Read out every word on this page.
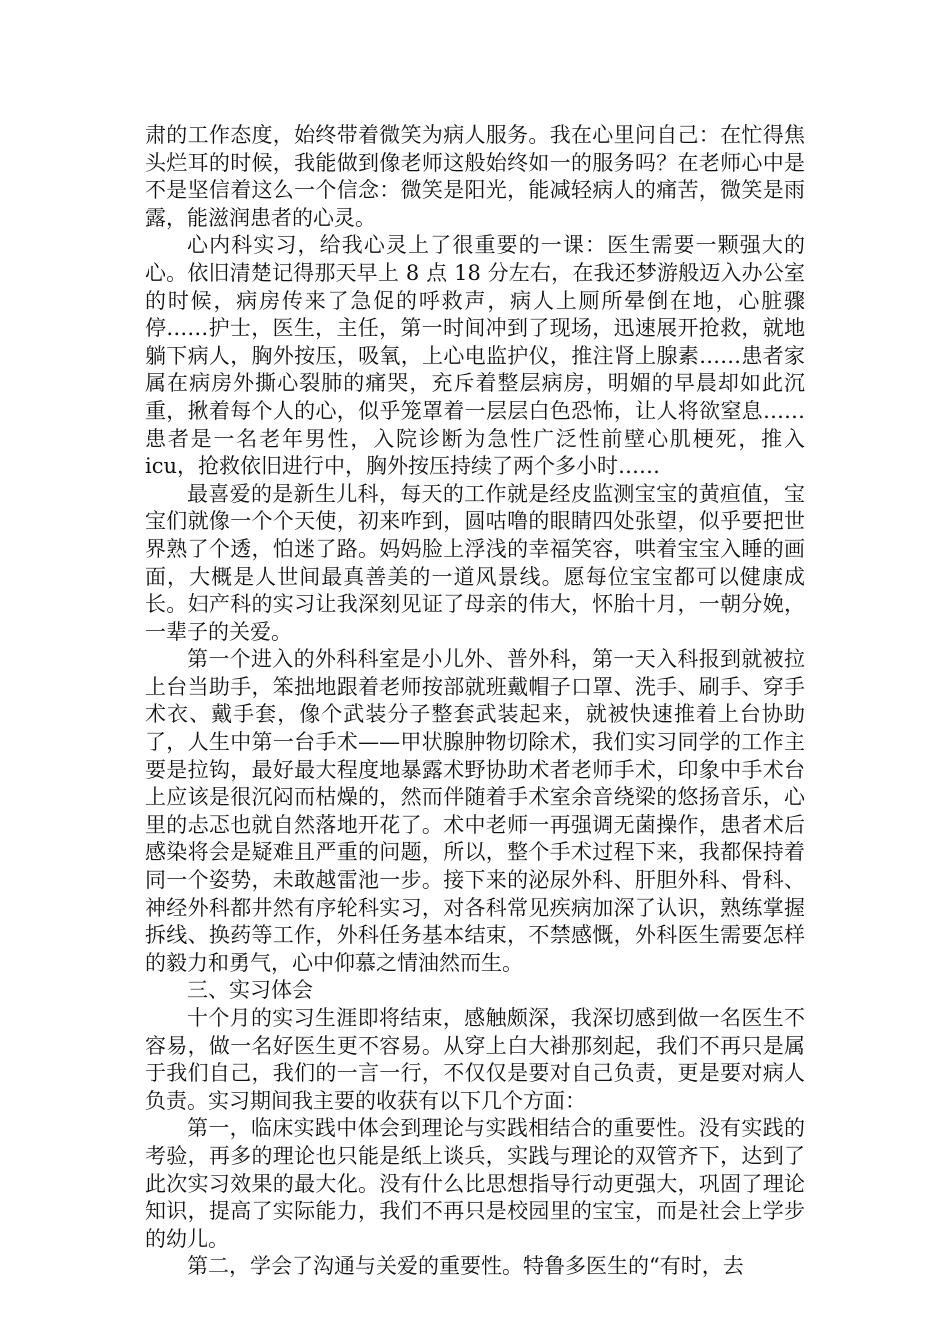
肃的工作态度，始终带着微笑为病人服务。我在心里问自己：在忙得焦头烂耳的时候，我能做到像老师这般始终如一的服务吗？在老师心中是不是坚信着这么一个信念：微笑是阳光，能减轻病人的痛苦，微笑是雨露，能滋润患者的心灵。

心内科实习，给我心灵上了很重要的一课：医生需要一颗强大的心。依旧清楚记得那天早上 8 点 18 分左右，在我还梦游般迈入办公室的时候，病房传来了急促的呼救声，病人上厕所晕倒在地，心脏骤停……护士，医生，主任，第一时间冲到了现场，迅速展开抢救，就地躺下病人，胸外按压，吸氧，上心电监护仪，推注肾上腺素……患者家属在病房外撕心裂肺的痛哭，充斥着整层病房，明媚的早晨却如此沉重，揪着每个人的心，似乎笼罩着一层层白色恐怖，让人将欲窒息……患者是一名老年男性，入院诊断为急性广泛性前壁心肌梗死，推入 icu，抢救依旧进行中，胸外按压持续了两个多小时……

最喜爱的是新生儿科，每天的工作就是经皮监测宝宝的黄疸值，宝宝们就像一个个天使，初来咋到，圆咕噜的眼睛四处张望，似乎要把世界熟了个透，怕迷了路。妈妈脸上浮浅的幸福笑容，哄着宝宝入睡的画面，大概是人世间最真善美的一道风景线。愿每位宝宝都可以健康成长。妇产科的实习让我深刻见证了母亲的伟大，怀胎十月，一朝分娩，一辈子的关爱。

第一个进入的外科科室是小儿外、普外科，第一天入科报到就被拉上台当助手，笨拙地跟着老师按部就班戴帽子口罩、洗手、刷手、穿手术衣、戴手套，像个武装分子整套武装起来，就被快速推着上台协助了，人生中第一台手术——甲状腺肿物切除术，我们实习同学的工作主要是拉钩，最好最大程度地暴露术野协助术者老师手术，印象中手术台上应该是很沉闷而枯燥的，然而伴随着手术室余音绕梁的悠扬音乐，心里的忐忑也就自然落地开花了。术中老师一再强调无菌操作，患者术后感染将会是疑难且严重的问题，所以，整个手术过程下来，我都保持着同一个姿势，未敢越雷池一步。接下来的泌尿外科、肝胆外科、骨科、神经外科都井然有序轮科实习，对各科常见疾病加深了认识，熟练掌握拆线、换药等工作，外科任务基本结束，不禁感慨，外科医生需要怎样的毅力和勇气，心中仰慕之情油然而生。

三、实习体会

十个月的实习生涯即将结束，感触颇深，我深切感到做一名医生不容易，做一名好医生更不容易。从穿上白大褂那刻起，我们不再只是属于我们自己，我们的一言一行，不仅仅是要对自己负责，更是要对病人负责。实习期间我主要的收获有以下几个方面：

第一，临床实践中体会到理论与实践相结合的重要性。没有实践的考验，再多的理论也只能是纸上谈兵，实践与理论的双管齐下，达到了此次实习效果的最大化。没有什么比思想指导行动更强大，巩固了理论知识，提高了实际能力，我们不再只是校园里的宝宝，而是社会上学步的幼儿。

第二，学会了沟通与关爱的重要性。特鲁多医生的“有时，去
